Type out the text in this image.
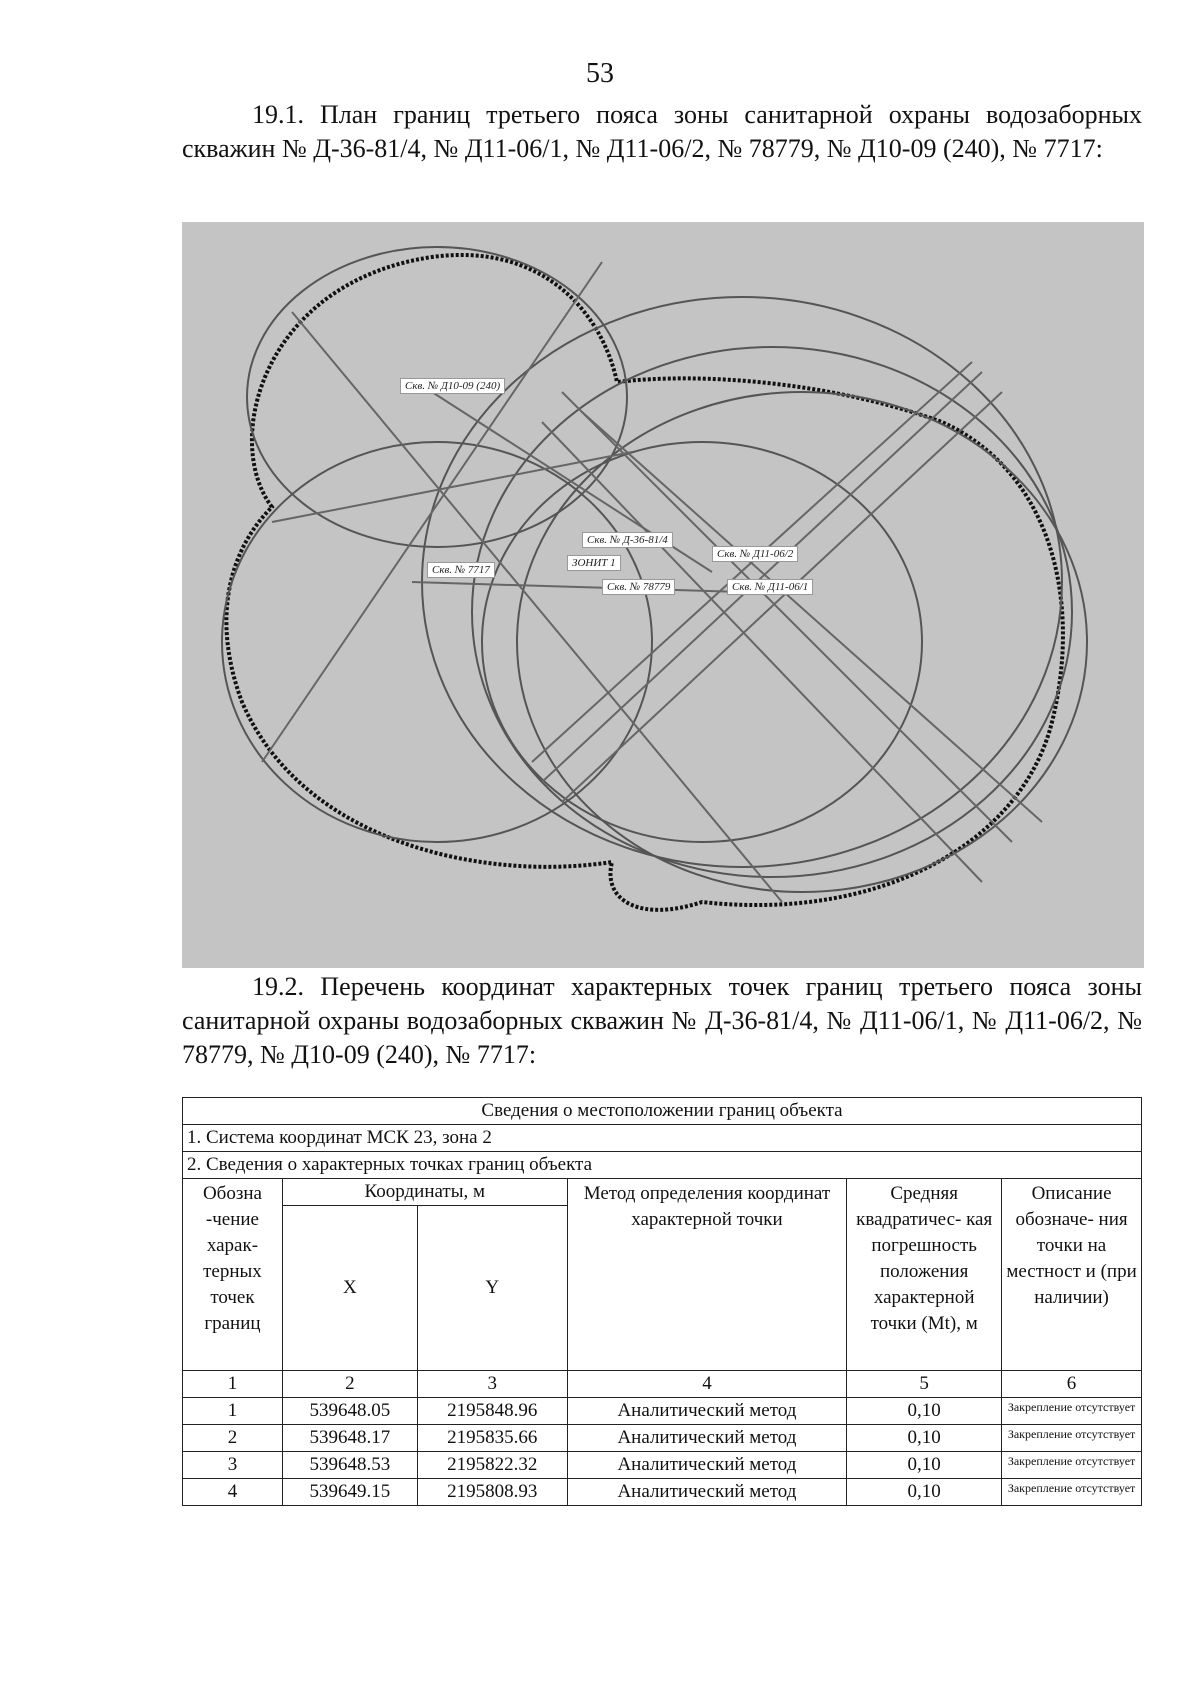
53

19.1. План границ третьего пояса зоны санитарной охраны водозаборных скважин № Д-36-81/4, № Д11-06/1, № Д11-06/2, № 78779, № Д10-09 (240), № 7717:

Скв. № Д10-09 (240)
Скв. № Д-36-81/4
Скв. № Д11-06/2
Скв. № 7717
ЗОНИТ 1
Скв. № 78779	Скв. № Д11-06/1

19.2. Перечень координат характерных точек границ третьего пояса зоны санитарной охраны водозаборных скважин № Д-36-81/4, № Д11-06/1, № Д11-06/2, № 78779, № Д10-09 (240), № 7717:

Сведения о местоположении границ объекта					
1. Система координат МСК 23, зона 2					
2. Сведения о характерных точках границ объекта					
Обозна -чение харак- терных точек границ	Координаты, м		Метод определения координат характерной точки	Средняя квадратичес- кая погрешность положения характерной точки (Mt), м	Описание обозначе- ния точки на местност и (при наличии)
	X	Y			
1	2	3	4	5	6
1	539648.05	2195848.96	Аналитический метод	0,10	Закрепление отсутствует
2	539648.17	2195835.66	Аналитический метод	0,10	Закрепление отсутствует
3	539648.53	2195822.32	Аналитический метод	0,10	Закрепление отсутствует
4	539649.15	2195808.93	Аналитический метод	0,10	Закрепление отсутствует
